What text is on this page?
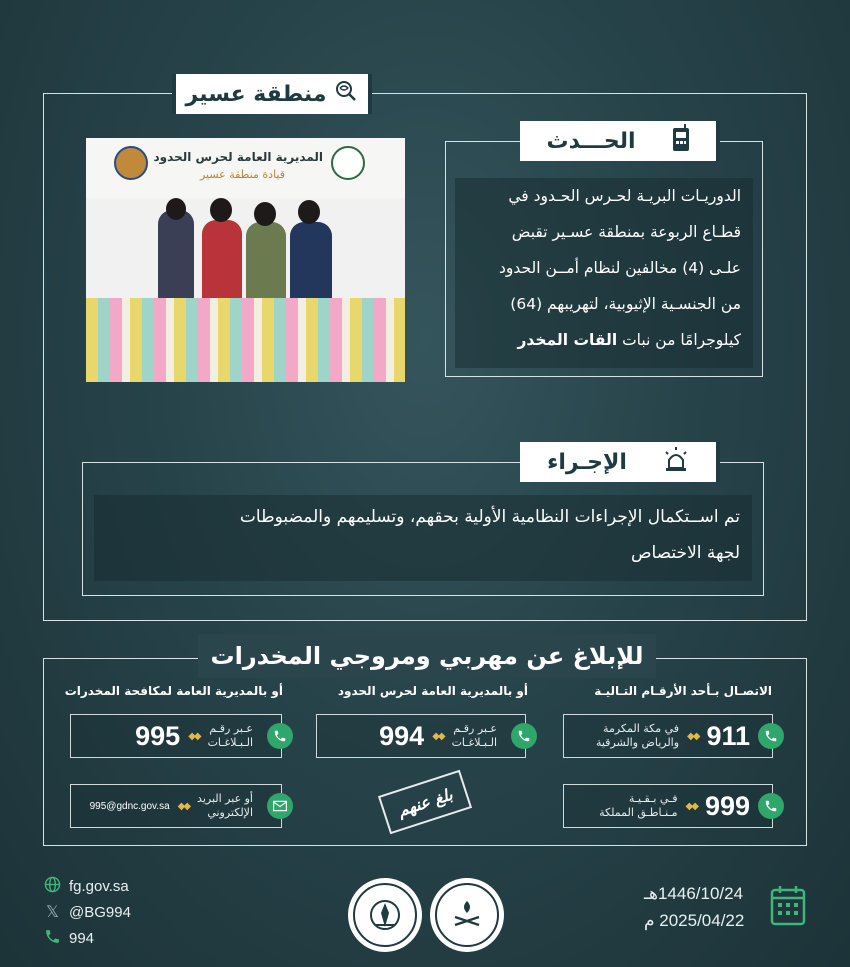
منطقة عسير
المديرية العامة لحرس الحدود
قيادة منطقة عسير
الحـــدث
الدوريـات البريـة لحـرس الحـدود في
قطـاع الربوعة بمنطقة عسـير تقبض
علـى (4) مخالفين لنظام أمــن الحدود
من الجنسـية الإثيوبية، لتهريبهم (64)
كيلوجرامًا من نبات القات المخدر
الإجـراء
تم اســتكمال الإجراءات النظامية الأولية بحقهم، وتسليمهم والمضبوطات
لجهة الاختصاص
للإبلاغ عن مهربي ومروجي المخدرات
الاتصـال بـأحد الأرقـام التـاليـة
أو بالمديرية العامة لحرس الحدود
أو بالمديرية العامة لمكافحة المخدرات
911
◆◆
في مكة المكرمة
والرياض والشرقية
999
◆◆
فـي بـقـيـة
مـنـاطـق المملكة
عـبر رقـم
الـبـلاغـات
◆◆
994
عـبر رقـم
الـبـلاغـات
◆◆
995
أو عبر البريد
الإلكتروني
◆◆
995@gdnc.gov.sa	بلغ عنهم
fg.gov.sa
𝕏 @BG994
994
1446/10/24هـ
2025/04/22 م
